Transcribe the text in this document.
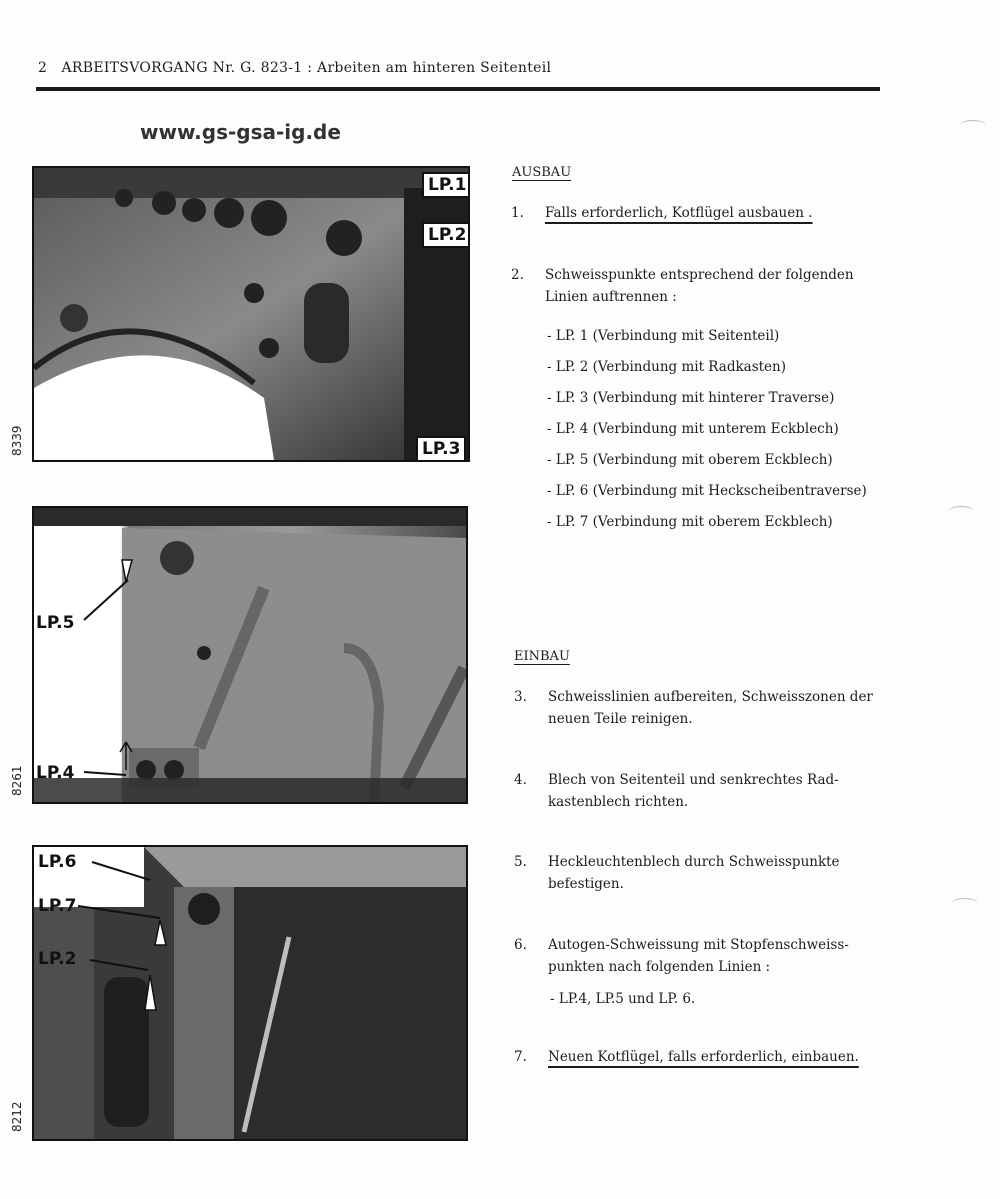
2 ARBEITSVORGANG Nr. G. 823-1 : Arbeiten am hinteren Seitenteil
www.gs-gsa-ig.de
LP.1
LP.2
LP.3
8339
LP.5
LP.4
8261
LP.6
LP.7
LP.2
8212
AUSBAU
1. Falls erforderlich, Kotflügel ausbauen .
2. Schweisspunkte entsprechend der folgenden
Linien auftrennen :
- LP. 1 (Verbindung mit Seitenteil)
- LP. 2 (Verbindung mit Radkasten)
- LP. 3 (Verbindung mit hinterer Traverse)
- LP. 4 (Verbindung mit unterem Eckblech)
- LP. 5 (Verbindung mit oberem Eckblech)
- LP. 6 (Verbindung mit Heckscheibentraverse)
- LP. 7 (Verbindung mit oberem Eckblech)
EINBAU
3. Schweisslinien aufbereiten, Schweisszonen der
neuen Teile reinigen.
4. Blech von Seitenteil und senkrechtes Rad-
kastenblech richten.
5. Heckleuchtenblech durch Schweisspunkte
befestigen.
6. Autogen-Schweissung mit Stopfenschweiss-
punkten nach folgenden Linien :
- LP.4, LP.5 und LP. 6.
7. Neuen Kotflügel, falls erforderlich, einbauen.
